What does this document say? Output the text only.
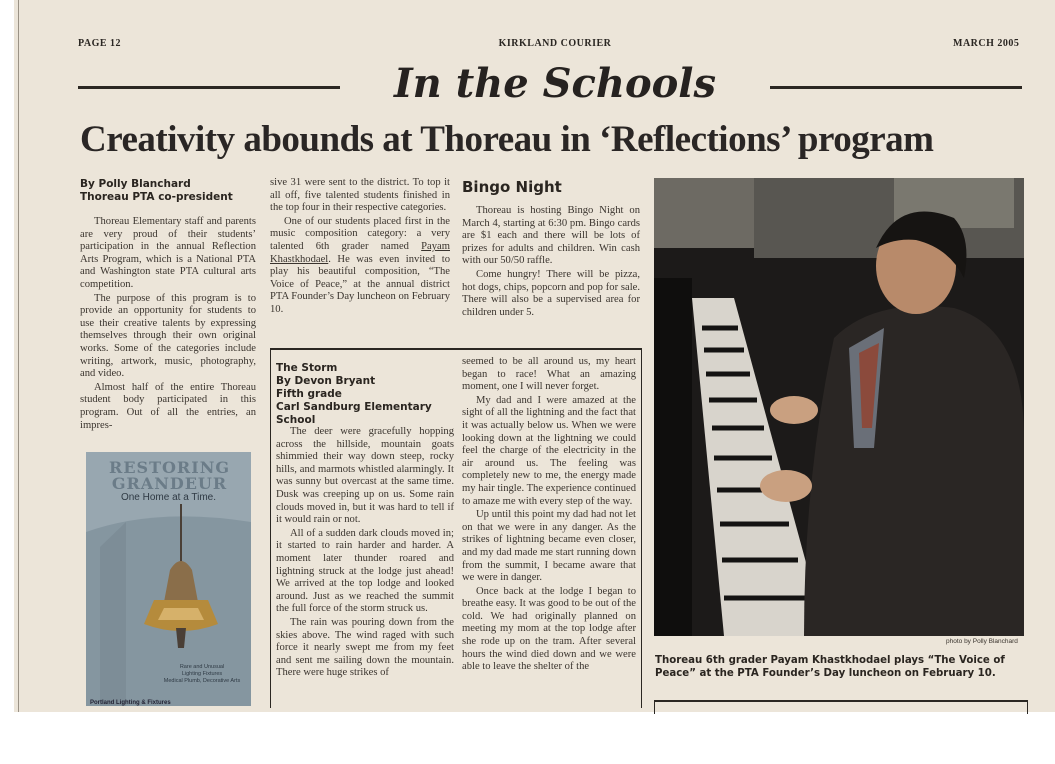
PAGE 12	KIRKLAND COURIER	MARCH 2005
In the Schools
Creativity abounds at Thoreau in ‘Reflections’ program
By Polly Blanchard
Thoreau PTA co-president

Thoreau Elementary staff and parents are very proud of their students’ participation in the annual Reflection Arts Program, which is a National PTA and Washington state PTA cultural arts competition.

The purpose of this program is to provide an opportunity for students to use their creative talents by expressing themselves through their own original works. Some of the categories include writing, artwork, music, photography, and video.

Almost half of the entire Thoreau student body participated in this program. Out of all the entries, an impres-

RESTORING
GRANDEUR
One Home at a Time.
Rare and Unusual
Lighting Fixtures
Medical Plumb, Decorative Arts
Portland Lighting & Fixtures

sive 31 were sent to the district. To top it all off, five talented students finished in the top four in their respective categories.

One of our students placed first in the music composition category: a very talented 6th grader named Payam Khastkhodael. He was even invited to play his beautiful composition, “The Voice of Peace,” at the annual district PTA Founder’s Day luncheon on February 10.

Bingo Night

Thoreau is hosting Bingo Night on March 4, starting at 6:30 pm. Bingo cards are $1 each and there will be lots of prizes for adults and children. Win cash with our 50/50 raffle.

Come hungry! There will be pizza, hot dogs, chips, popcorn and pop for sale. There will also be a supervised area for children under 5.

The Storm
By Devon Bryant
Fifth grade
Carl Sandburg Elementary School

The deer were gracefully hopping across the hillside, mountain goats shimmied their way down steep, rocky hills, and marmots whistled alarmingly. It was sunny but overcast at the same time. Dusk was creeping up on us. Some rain clouds moved in, but it was hard to tell if it would rain or not.

All of a sudden dark clouds moved in; it started to rain harder and harder. A moment later thunder roared and lightning struck at the lodge just ahead! We arrived at the top lodge and looked around. Just as we reached the summit the full force of the storm struck us.

The rain was pouring down from the skies above. The wind raged with such force it nearly swept me from my feet and sent me sailing down the mountain. There were huge strikes of

seemed to be all around us, my heart began to race! What an amazing moment, one I will never forget.

My dad and I were amazed at the sight of all the lightning and the fact that it was actually below us. When we were looking down at the lightning we could feel the charge of the electricity in the air around us. The feeling was completely new to me, the energy made my hair tingle. The experience continued to amaze me with every step of the way.

Up until this point my dad had not let on that we were in any danger. As the strikes of lightning became even closer, and my dad made me start running down from the summit, I became aware that we were in danger.

Once back at the lodge I began to breathe easy. It was good to be out of the cold. We had originally planned on meeting my mom at the top lodge after she rode up on the tram. After several hours the wind died down and we were able to leave the shelter of the

photo by Polly Blanchard
Thoreau 6th grader Payam Khastkhodael plays “The Voice of Peace” at the PTA Founder’s Day luncheon on February 10.
